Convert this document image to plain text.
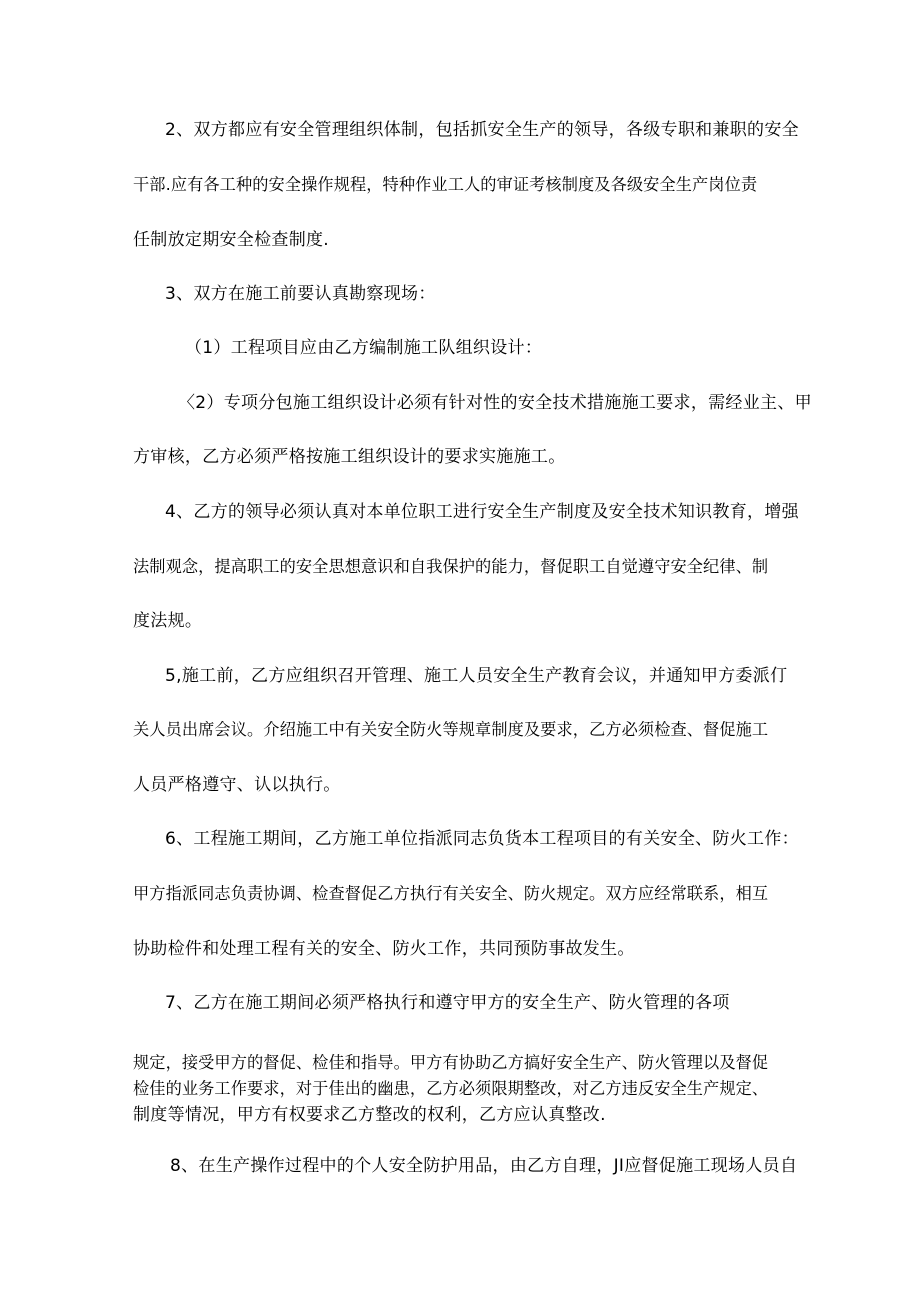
2、双方都应有安全管理组织体制，包括抓安全生产的领导，各级专职和兼职的安全
干部.应有各工种的安全操作规程，特种作业工人的审证考核制度及各级安全生产岗位责
任制放定期安全检查制度.
3、双方在施工前要认真勘察现场：
（1）工程项目应由乙方编制施工队组织设计：
〈2）专项分包施工组织设计必须有针对性的安全技术措施施工要求，需经业主、甲
方审核，乙方必须严格按施工组织设计的要求实施施工。
4、乙方的领导必须认真对本单位职工进行安全生产制度及安全技术知识教育，增强
法制观念，提高职工的安全思想意识和自我保护的能力，督促职工自觉遵守安全纪律、制
度法规。
5,施工前，乙方应组织召开管理、施工人员安全生产教育会议，并通知甲方委派仃
关人员出席会议。介绍施工中有关安全防火等规章制度及要求，乙方必须检查、督促施工
人员严格遵守、认以执行。
6、工程施工期间，乙方施工单位指派同志负货本工程项目的有关安全、防火工作：
甲方指派同志负责协调、检查督促乙方执行有关安全、防火规定。双方应经常联系，相互
协助检件和处理工程有关的安全、防火工作，共同预防事故发生。
7、乙方在施工期间必须严格执行和遵守甲方的安全生产、防火管理的各项
规定，接受甲方的督促、检佳和指导。甲方有协助乙方搞好安全生产、防火管理以及督促
检佳的业务工作要求，对于佳出的幽患，乙方必须限期整改，对乙方违反安全生产规定、
制度等情况，甲方有权要求乙方整改的权利，乙方应认真整改.
8、在生产操作过程中的个人安全防护用品，由乙方自理，JI应督促施工现场人员自
